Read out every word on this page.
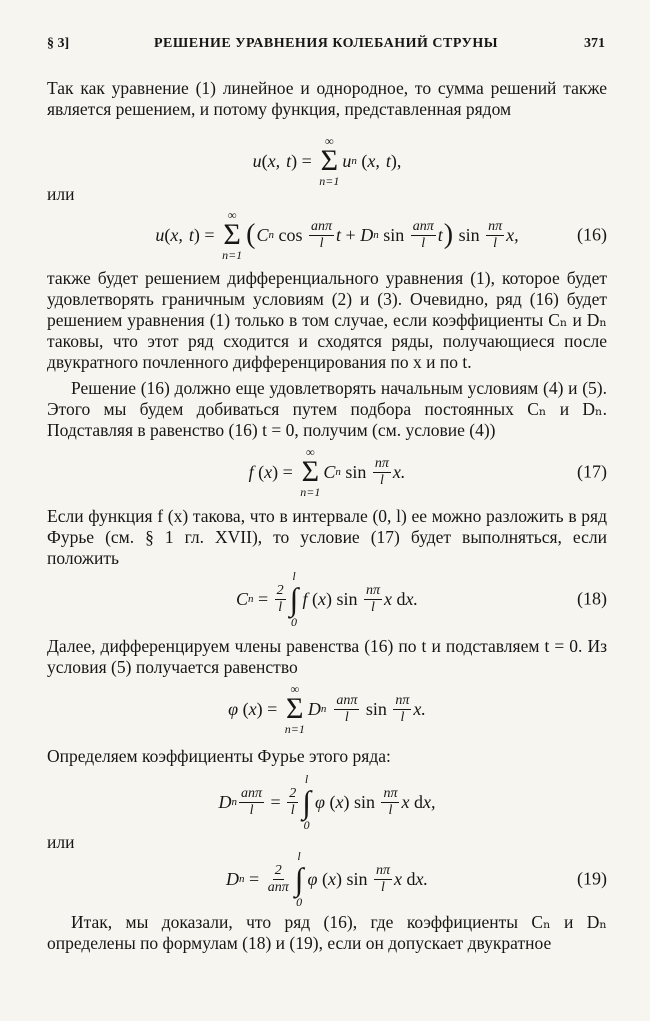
§ 3]	РЕШЕНИЕ УРАВНЕНИЯ КОЛЕБАНИЙ СТРУНЫ	371
Так как уравнение (1) линейное и однородное, то сумма решений также является решением, и потому функция, представленная рядом
u ( x, t ) =
∞
Σ
n=1
u n ( x, t ),
или
u ( x, t ) =
∞
Σ
n=1
( C n $\cos \frac{\text{anπ}}{l}$ t + D n $\sin \frac{\text{anπ}}{l}$ t ) $\sin \frac{n\pi}{l} x$,	(16)
также будет решением дифференциального уравнения (1), которое будет удовлетворять граничным условиям (2) и (3). Очевидно, ряд (16) будет решением уравнения (1) только в том случае, если коэффициенты Cₙ и Dₙ таковы, что этот ряд сходится и сходятся ряды, получающиеся после двукратного почленного дифференцирования по x и по t.
Решение (16) должно еще удовлетворять начальным условиям (4) и (5). Этого мы будем добиваться путем подбора постоянных Cₙ и Dₙ. Подставляя в равенство (16) t = 0, получим (см. условие (4))
f ( x ) =
∞
Σ
n=1
C n $\sin \frac{n\pi}{l} x$.	(17)
Если функция f (x) такова, что в интервале (0, l) ее можно разложить в ряд Фурье (см. § 1 гл. XVII), то условие (17) будет выполняться, если положить
C $n = \frac{2}{l}$
l
∫
0
f ( x ) $\sin \frac{n\pi}{l}$ x d x.	(18)
Далее, дифференцируем члены равенства (16) по t и подставляем t = 0. Из условия (5) получается равенство
φ ( x ) =
∞
Σ
n=1
D n $\frac{\text{anπ}}{l}$ $\sin \frac{n\pi}{l} x$.
Определяем коэффициенты Фурье этого ряда:
D n $\frac{\text{anπ}}{l} = \frac{2}{l}$
l
∫
0
φ ( x ) $\sin \frac{n\pi}{l}$ x d x,
или
D $n = \frac{2}{\text{anπ}}$
l
∫
0
φ ( x ) $\sin \frac{n\pi}{l}$ x d x.	(19)
Итак, мы доказали, что ряд (16), где коэффициенты Cₙ и Dₙ определены по формулам (18) и (19), если он допускает двукратное
